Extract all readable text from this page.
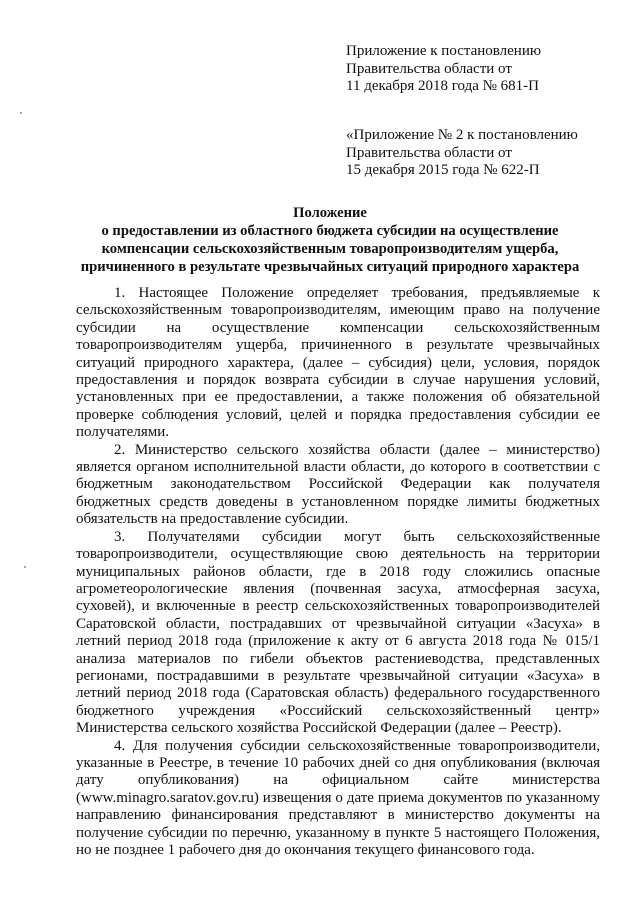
Приложение к постановлению
Правительства области от
11 декабря 2018 года № 681-П
«Приложение № 2 к постановлению
Правительства области от
15 декабря 2015 года № 622-П
Положение
о предоставлении из областного бюджета субсидии на осуществление
компенсации сельскохозяйственным товаропроизводителям ущерба,
причиненного в результате чрезвычайных ситуаций природного характера

1. Настоящее Положение определяет требования, предъявляемые к сельскохозяйственным товаропроизводителям, имеющим право на получение субсидии на осуществление компенсации сельскохозяйственным товаропроизводителям ущерба, причиненного в результате чрезвычайных ситуаций природного характера, (далее – субсидия) цели, условия, порядок предоставления и порядок возврата субсидии в случае нарушения условий, установленных при ее предоставлении, а также положения об обязательной проверке соблюдения условий, целей и порядка предоставления субсидии ее получателями.

2. Министерство сельского хозяйства области (далее – министерство) является органом исполнительной власти области, до которого в соответствии с бюджетным законодательством Российской Федерации как получателя бюджетных средств доведены в установленном порядке лимиты бюджетных обязательств на предоставление субсидии.

3. Получателями субсидии могут быть сельскохозяйственные товаропроизводители, осуществляющие свою деятельность на территории муниципальных районов области, где в 2018 году сложились опасные агрометеорологические явления (почвенная засуха, атмосферная засуха, суховей), и включенные в реестр сельскохозяйственных товаропроизводителей Саратовской области, пострадавших от чрезвычайной ситуации «Засуха» в летний период 2018 года (приложение к акту от 6 августа 2018 года № 015/1 анализа материалов по гибели объектов растениеводства, представленных регионами, пострадавшими в результате чрезвычайной ситуации «Засуха» в летний период 2018 года (Саратовская область) федерального государственного бюджетного учреждения «Российский сельскохозяйственный центр» Министерства сельского хозяйства Российской Федерации (далее – Реестр).

4. Для получения субсидии сельскохозяйственные товаропроизводители, указанные в Реестре, в течение 10 рабочих дней со дня опубликования (включая дату опубликования) на официальном сайте министерства (www.minagro.saratov.gov.ru) извещения о дате приема документов по указанному направлению финансирования представляют в министерство документы на получение субсидии по перечню, указанному в пункте 5 настоящего Положения, но не позднее 1 рабочего дня до окончания текущего финансового года.
